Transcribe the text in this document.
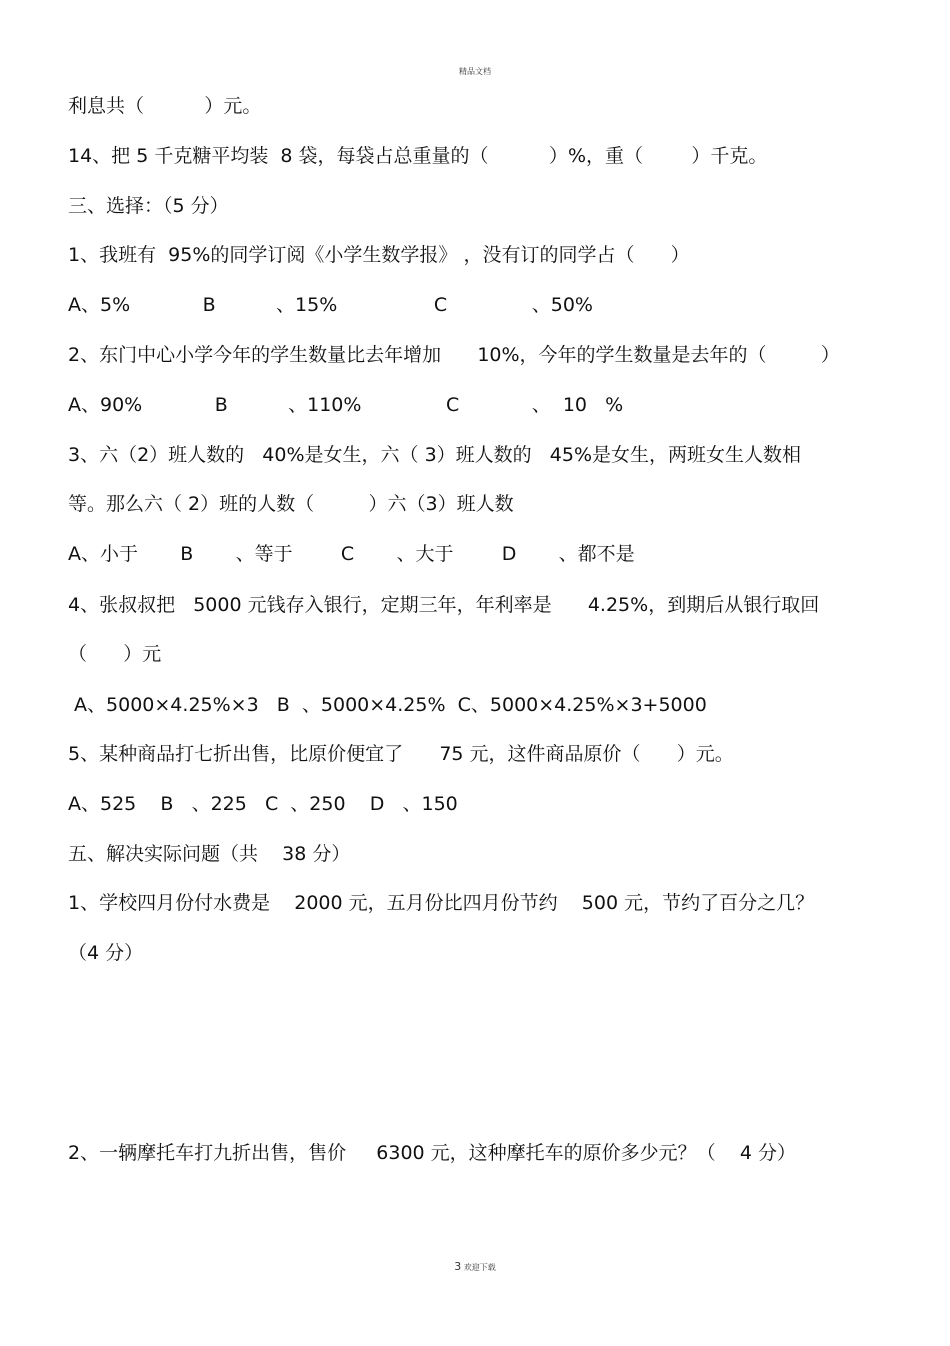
精品文档
利息共（          ）元。
14、把 5 千克糖平均装  8 袋，每袋占总重量的（          ）%，重（        ）千克。
三、选择：（5 分）
1、我班有  95%的同学订阅《小学生数学报》 ，没有订的同学占（      ）
A、5%            B          、15%                C              、50%
2、东门中心小学今年的学生数量比去年增加      10%，今年的学生数量是去年的（         ）
A、90%            B          、110%              C            、  10   %
3、六（2）班人数的   40%是女生，六（ 3）班人数的   45%是女生，两班女生人数相
等。那么六（ 2）班的人数（         ）六（3）班人数
A、小于       B       、等于        C       、大于        D       、都不是
4、张叔叔把   5000 元钱存入银行，定期三年，年利率是      4.25%，到期后从银行取回
（      ）元
A、5000×4.25%×3   B  、5000×4.25%  C、5000×4.25%×3+5000
5、某种商品打七折出售，比原价便宜了      75 元，这件商品原价（      ）元。
A、525    B   、225   C  、250    D   、150
五、解决实际问题（共    38 分）
1、学校四月份付水费是    2000 元，五月份比四月份节约    500 元，节约了百分之几？
（4 分）
2、一辆摩托车打九折出售，售价     6300 元，这种摩托车的原价多少元？（    4 分）
3 欢迎下载
